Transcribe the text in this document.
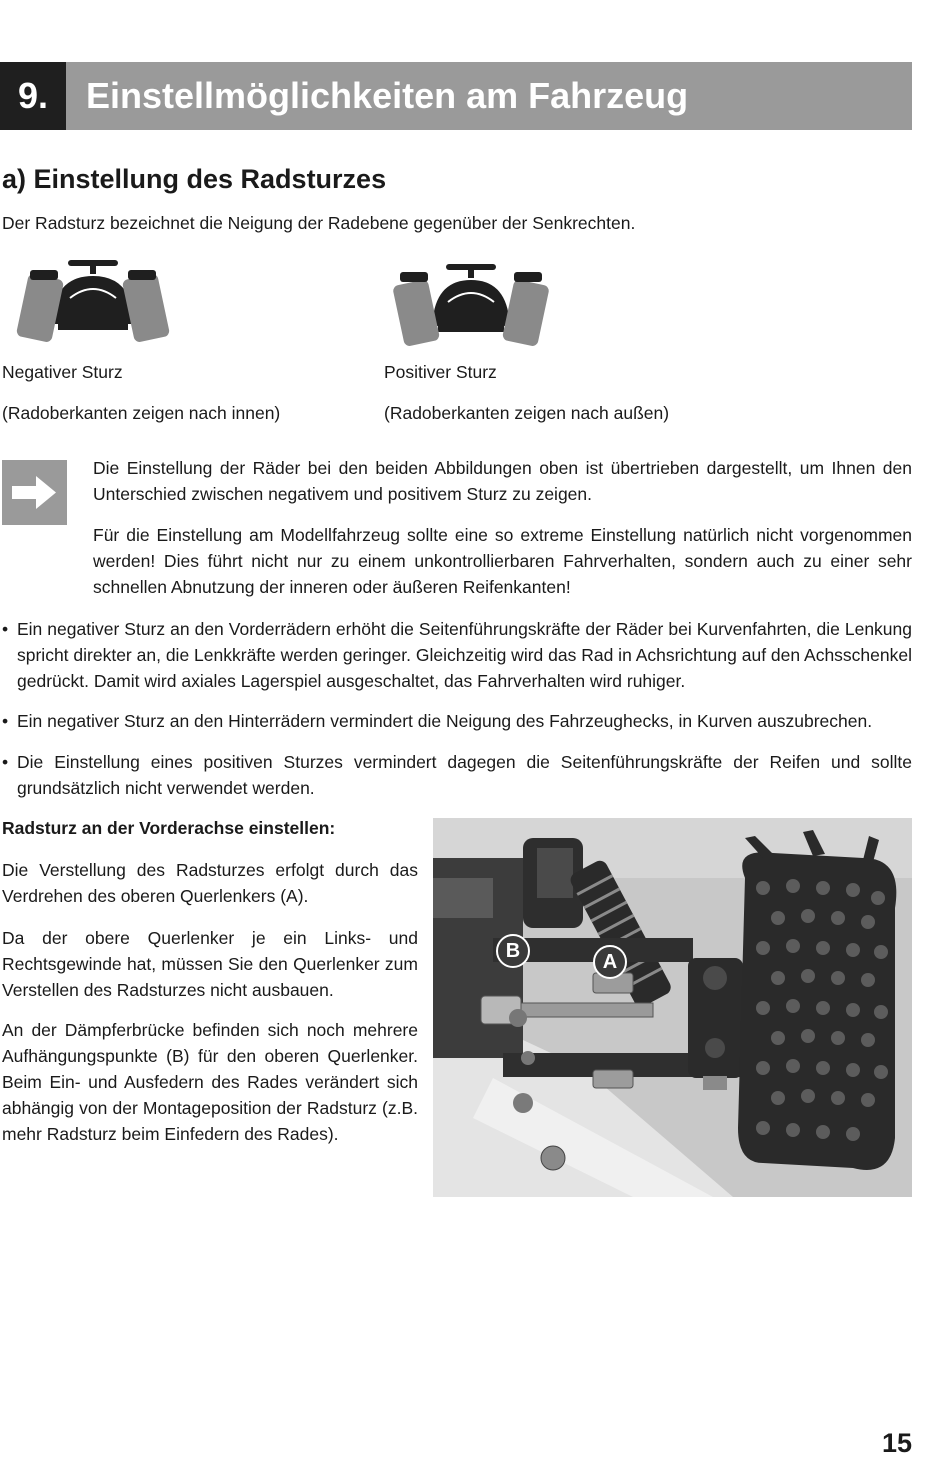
9.	Einstellmöglichkeiten am Fahrzeug
a) Einstellung des Radsturzes
Der Radsturz bezeichnet die Neigung der Radebene gegenüber der Senkrechten.
Negativer Sturz
(Radoberkanten zeigen nach innen)
Positiver Sturz
(Radoberkanten zeigen nach außen)
Die Einstellung der Räder bei den beiden Abbildungen oben ist übertrieben dargestellt, um Ihnen den Unterschied zwischen negativem und positivem Sturz zu zeigen.
Für die Einstellung am Modellfahrzeug sollte eine so extreme Einstellung natürlich nicht vorgenommen werden! Dies führt nicht nur zu einem unkontrollierbaren Fahrverhalten, sondern auch zu einer sehr schnellen Abnutzung der inneren oder äußeren Reifenkanten!
• Ein negativer Sturz an den Vorderrädern erhöht die Seitenführungskräfte der Räder bei Kurvenfahrten, die Lenkung spricht direkter an, die Lenkkräfte werden geringer. Gleichzeitig wird das Rad in Achsrichtung auf den Achsschenkel gedrückt. Damit wird axiales Lagerspiel ausgeschaltet, das Fahrverhalten wird ruhiger.
• Ein negativer Sturz an den Hinterrädern vermindert die Neigung des Fahrzeughecks, in Kurven auszubrechen.
• Die Einstellung eines positiven Sturzes vermindert dagegen die Seitenführungskräfte der Reifen und sollte grundsätzlich nicht verwendet werden.
Radsturz an der Vorderachse einstellen:
Die Verstellung des Radsturzes erfolgt durch das Verdrehen des oberen Querlenkers (A).
Da der obere Querlenker je ein Links- und Rechtsgewinde hat, müssen Sie den Querlenker zum Verstellen des Radsturzes nicht ausbauen.
An der Dämpferbrücke befinden sich noch mehrere Aufhängungspunkte (B) für den oberen Querlenker. Beim Ein- und Ausfedern des Rades verändert sich abhängig von der Montageposition der Radsturz (z.B. mehr Radsturz beim Einfedern des Rades).
B	A
15
